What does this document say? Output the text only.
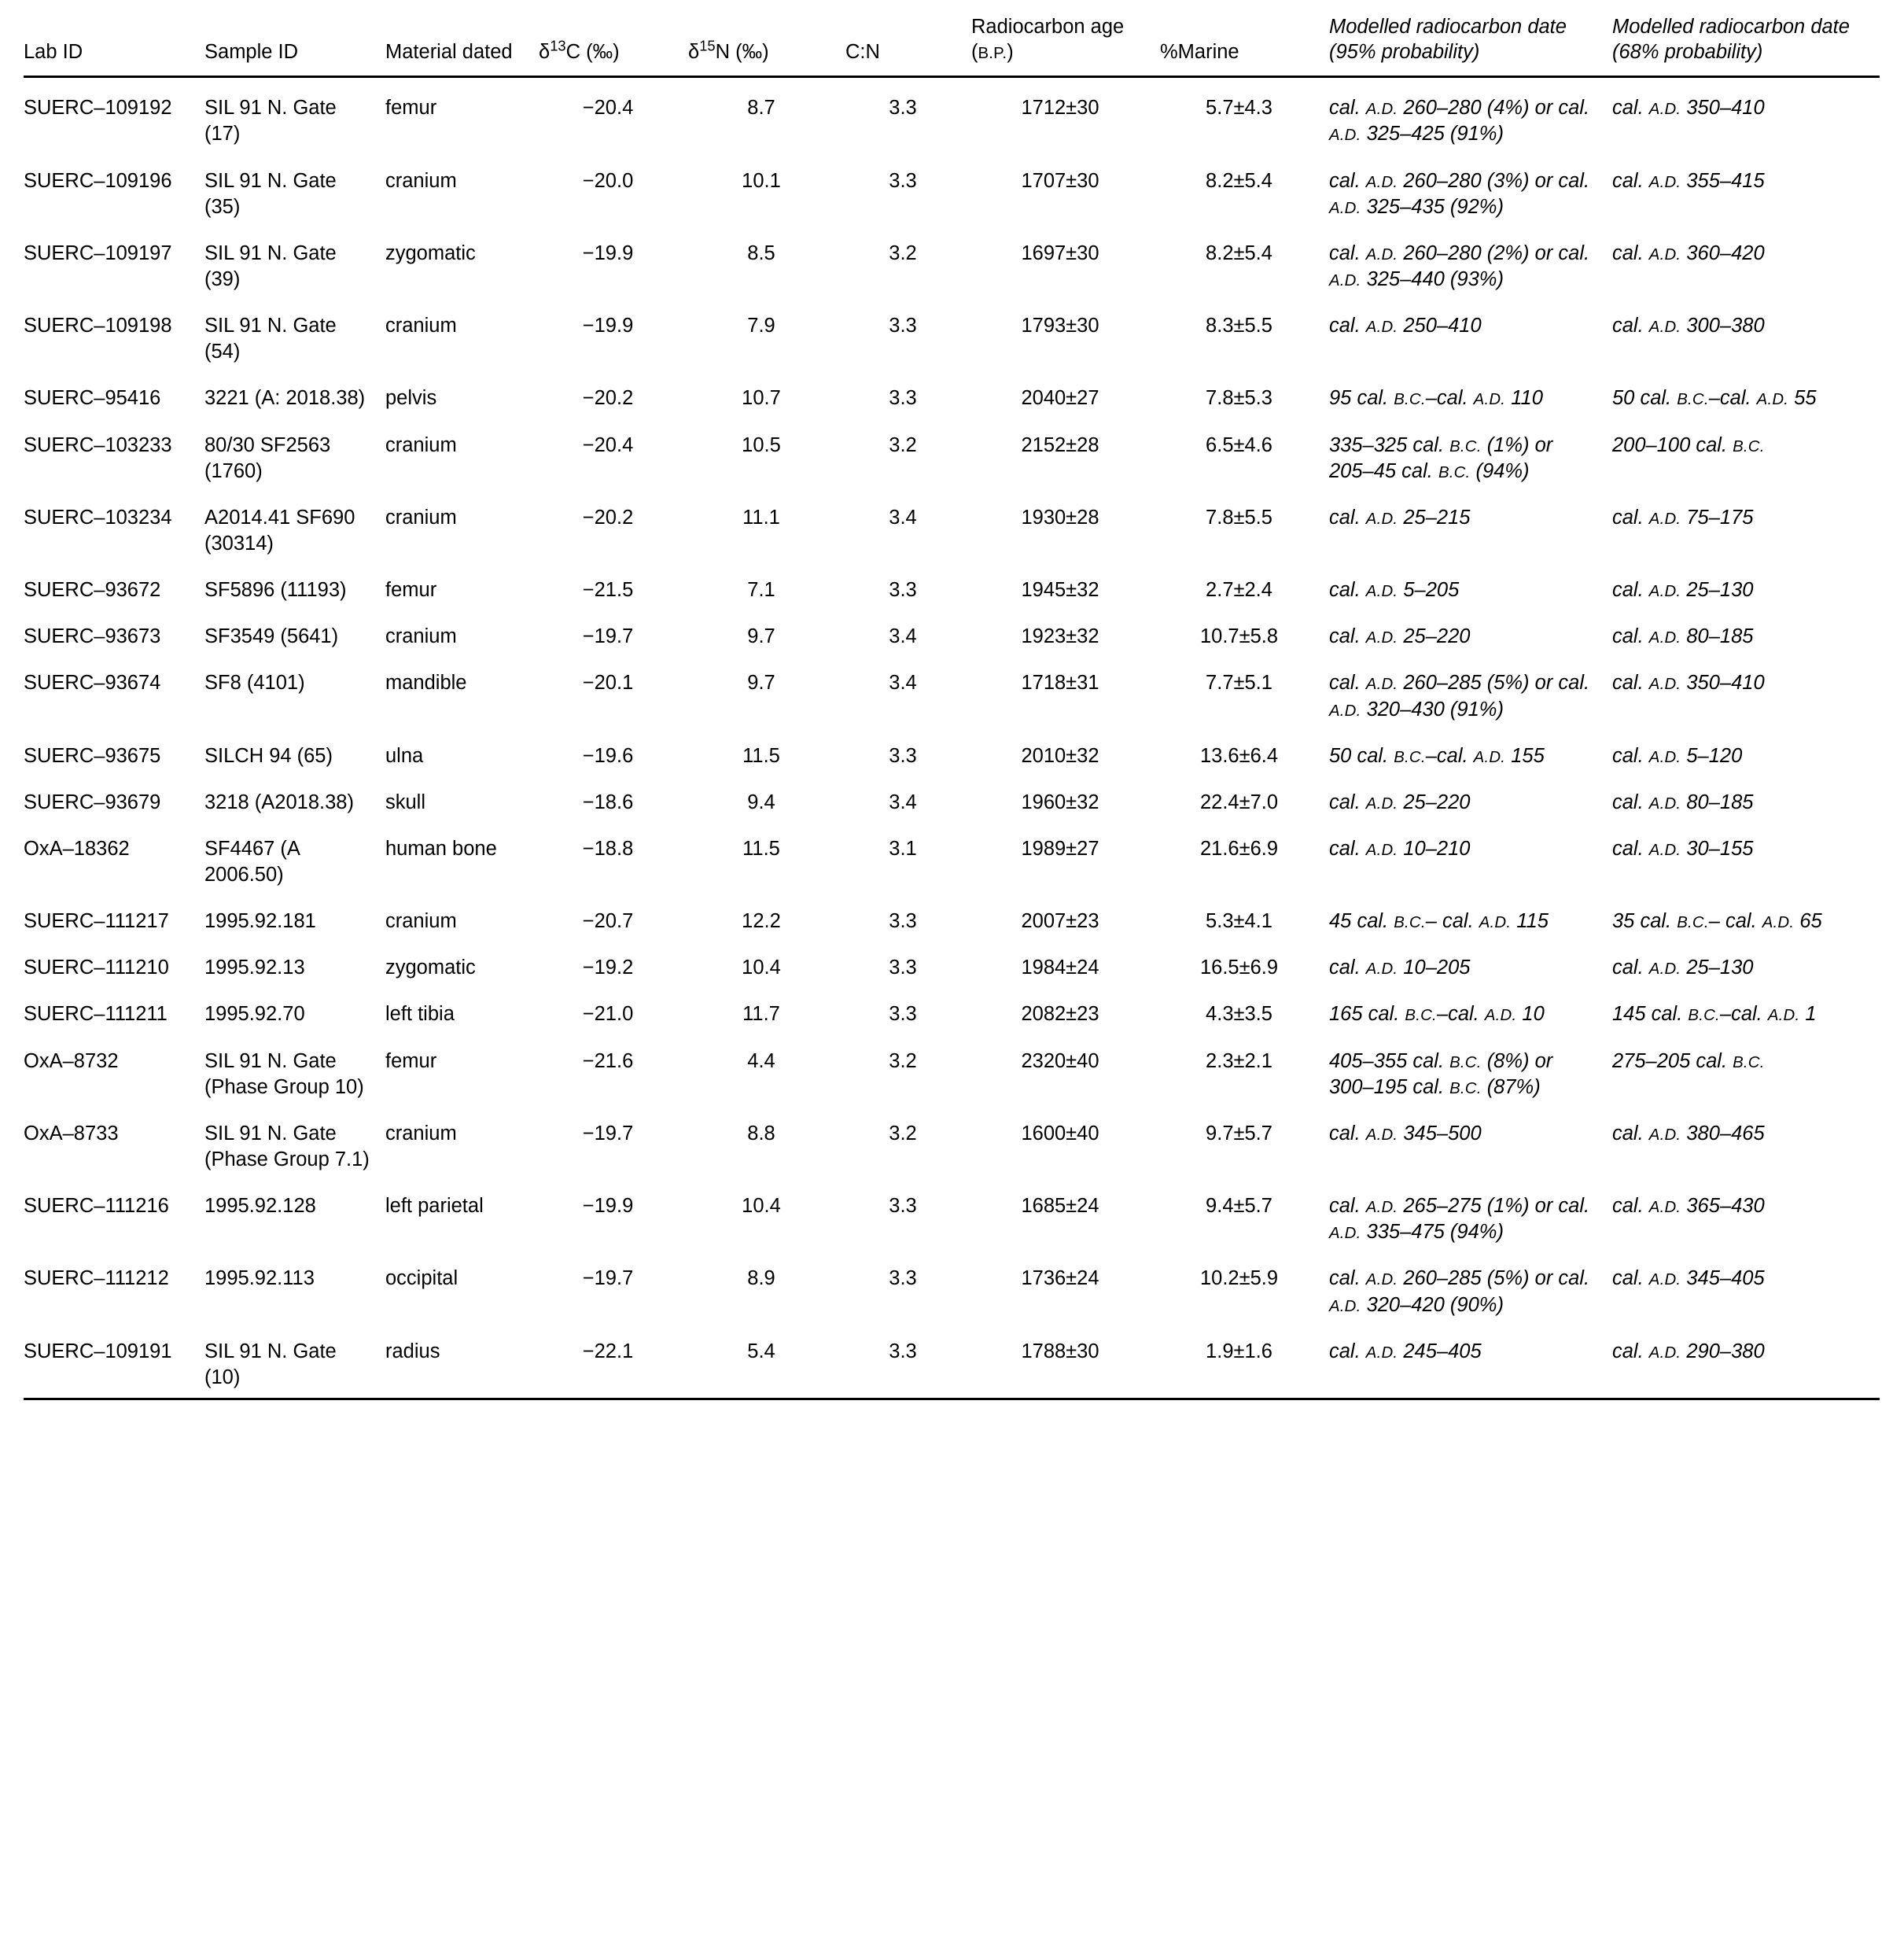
Lab ID	Sample ID	Material dated	$\delta^{13}C$ (‰)	$\delta^{15}N$ (‰)	C:N	Radiocarbon age (B.P.)	%Marine	Modelled radiocarbon date (95% probability)	Modelled radiocarbon date (68% probability)

SUERC–109192	SIL 91 N. Gate (17)	femur	−20.4	8.7	3.3	1712±30	5.7±4.3	cal. A.D. 260–280 (4%) or cal. A.D. 325–425 (91%)	cal. A.D. 350–410
SUERC–109196	SIL 91 N. Gate (35)	cranium	−20.0	10.1	3.3	1707±30	8.2±5.4	cal. A.D. 260–280 (3%) or cal. A.D. 325–435 (92%)	cal. A.D. 355–415
SUERC–109197	SIL 91 N. Gate (39)	zygomatic	−19.9	8.5	3.2	1697±30	8.2±5.4	cal. A.D. 260–280 (2%) or cal. A.D. 325–440 (93%)	cal. A.D. 360–420
SUERC–109198	SIL 91 N. Gate (54)	cranium	−19.9	7.9	3.3	1793±30	8.3±5.5	cal. A.D. 250–410	cal. A.D. 300–380
SUERC–95416	3221 (A: 2018.38)	pelvis	−20.2	10.7	3.3	2040±27	7.8±5.3	95 cal. B.C.–cal. A.D. 110	50 cal. B.C.–cal. A.D. 55
SUERC–103233	80/30 SF2563 (1760)	cranium	−20.4	10.5	3.2	2152±28	6.5±4.6	335–325 cal. B.C. (1%) or 205–45 cal. B.C. (94%)	200–100 cal. B.C.
SUERC–103234	A2014.41 SF690 (30314)	cranium	−20.2	11.1	3.4	1930±28	7.8±5.5	cal. A.D. 25–215	cal. A.D. 75–175
SUERC–93672	SF5896 (11193)	femur	−21.5	7.1	3.3	1945±32	2.7±2.4	cal. A.D. 5–205	cal. A.D. 25–130
SUERC–93673	SF3549 (5641)	cranium	−19.7	9.7	3.4	1923±32	10.7±5.8	cal. A.D. 25–220	cal. A.D. 80–185
SUERC–93674	SF8 (4101)	mandible	−20.1	9.7	3.4	1718±31	7.7±5.1	cal. A.D. 260–285 (5%) or cal. A.D. 320–430 (91%)	cal. A.D. 350–410
SUERC–93675	SILCH 94 (65)	ulna	−19.6	11.5	3.3	2010±32	13.6±6.4	50 cal. B.C.–cal. A.D. 155	cal. A.D. 5–120
SUERC–93679	3218 (A2018.38)	skull	−18.6	9.4	3.4	1960±32	22.4±7.0	cal. A.D. 25–220	cal. A.D. 80–185
OxA–18362	SF4467 (A 2006.50)	human bone	−18.8	11.5	3.1	1989±27	21.6±6.9	cal. A.D. 10–210	cal. A.D. 30–155
SUERC–111217	1995.92.181	cranium	−20.7	12.2	3.3	2007±23	5.3±4.1	45 cal. B.C.– cal. A.D. 115	35 cal. B.C.– cal. A.D. 65
SUERC–111210	1995.92.13	zygomatic	−19.2	10.4	3.3	1984±24	16.5±6.9	cal. A.D. 10–205	cal. A.D. 25–130
SUERC–111211	1995.92.70	left tibia	−21.0	11.7	3.3	2082±23	4.3±3.5	165 cal. B.C.–cal. A.D. 10	145 cal. B.C.–cal. A.D. 1
OxA–8732	SIL 91 N. Gate (Phase Group 10)	femur	−21.6	4.4	3.2	2320±40	2.3±2.1	405–355 cal. B.C. (8%) or 300–195 cal. B.C. (87%)	275–205 cal. B.C.
OxA–8733	SIL 91 N. Gate (Phase Group 7.1)	cranium	−19.7	8.8	3.2	1600±40	9.7±5.7	cal. A.D. 345–500	cal. A.D. 380–465
SUERC–111216	1995.92.128	left parietal	−19.9	10.4	3.3	1685±24	9.4±5.7	cal. A.D. 265–275 (1%) or cal. A.D. 335–475 (94%)	cal. A.D. 365–430
SUERC–111212	1995.92.113	occipital	−19.7	8.9	3.3	1736±24	10.2±5.9	cal. A.D. 260–285 (5%) or cal. A.D. 320–420 (90%)	cal. A.D. 345–405
SUERC–109191	SIL 91 N. Gate (10)	radius	−22.1	5.4	3.3	1788±30	1.9±1.6	cal. A.D. 245–405	cal. A.D. 290–380
